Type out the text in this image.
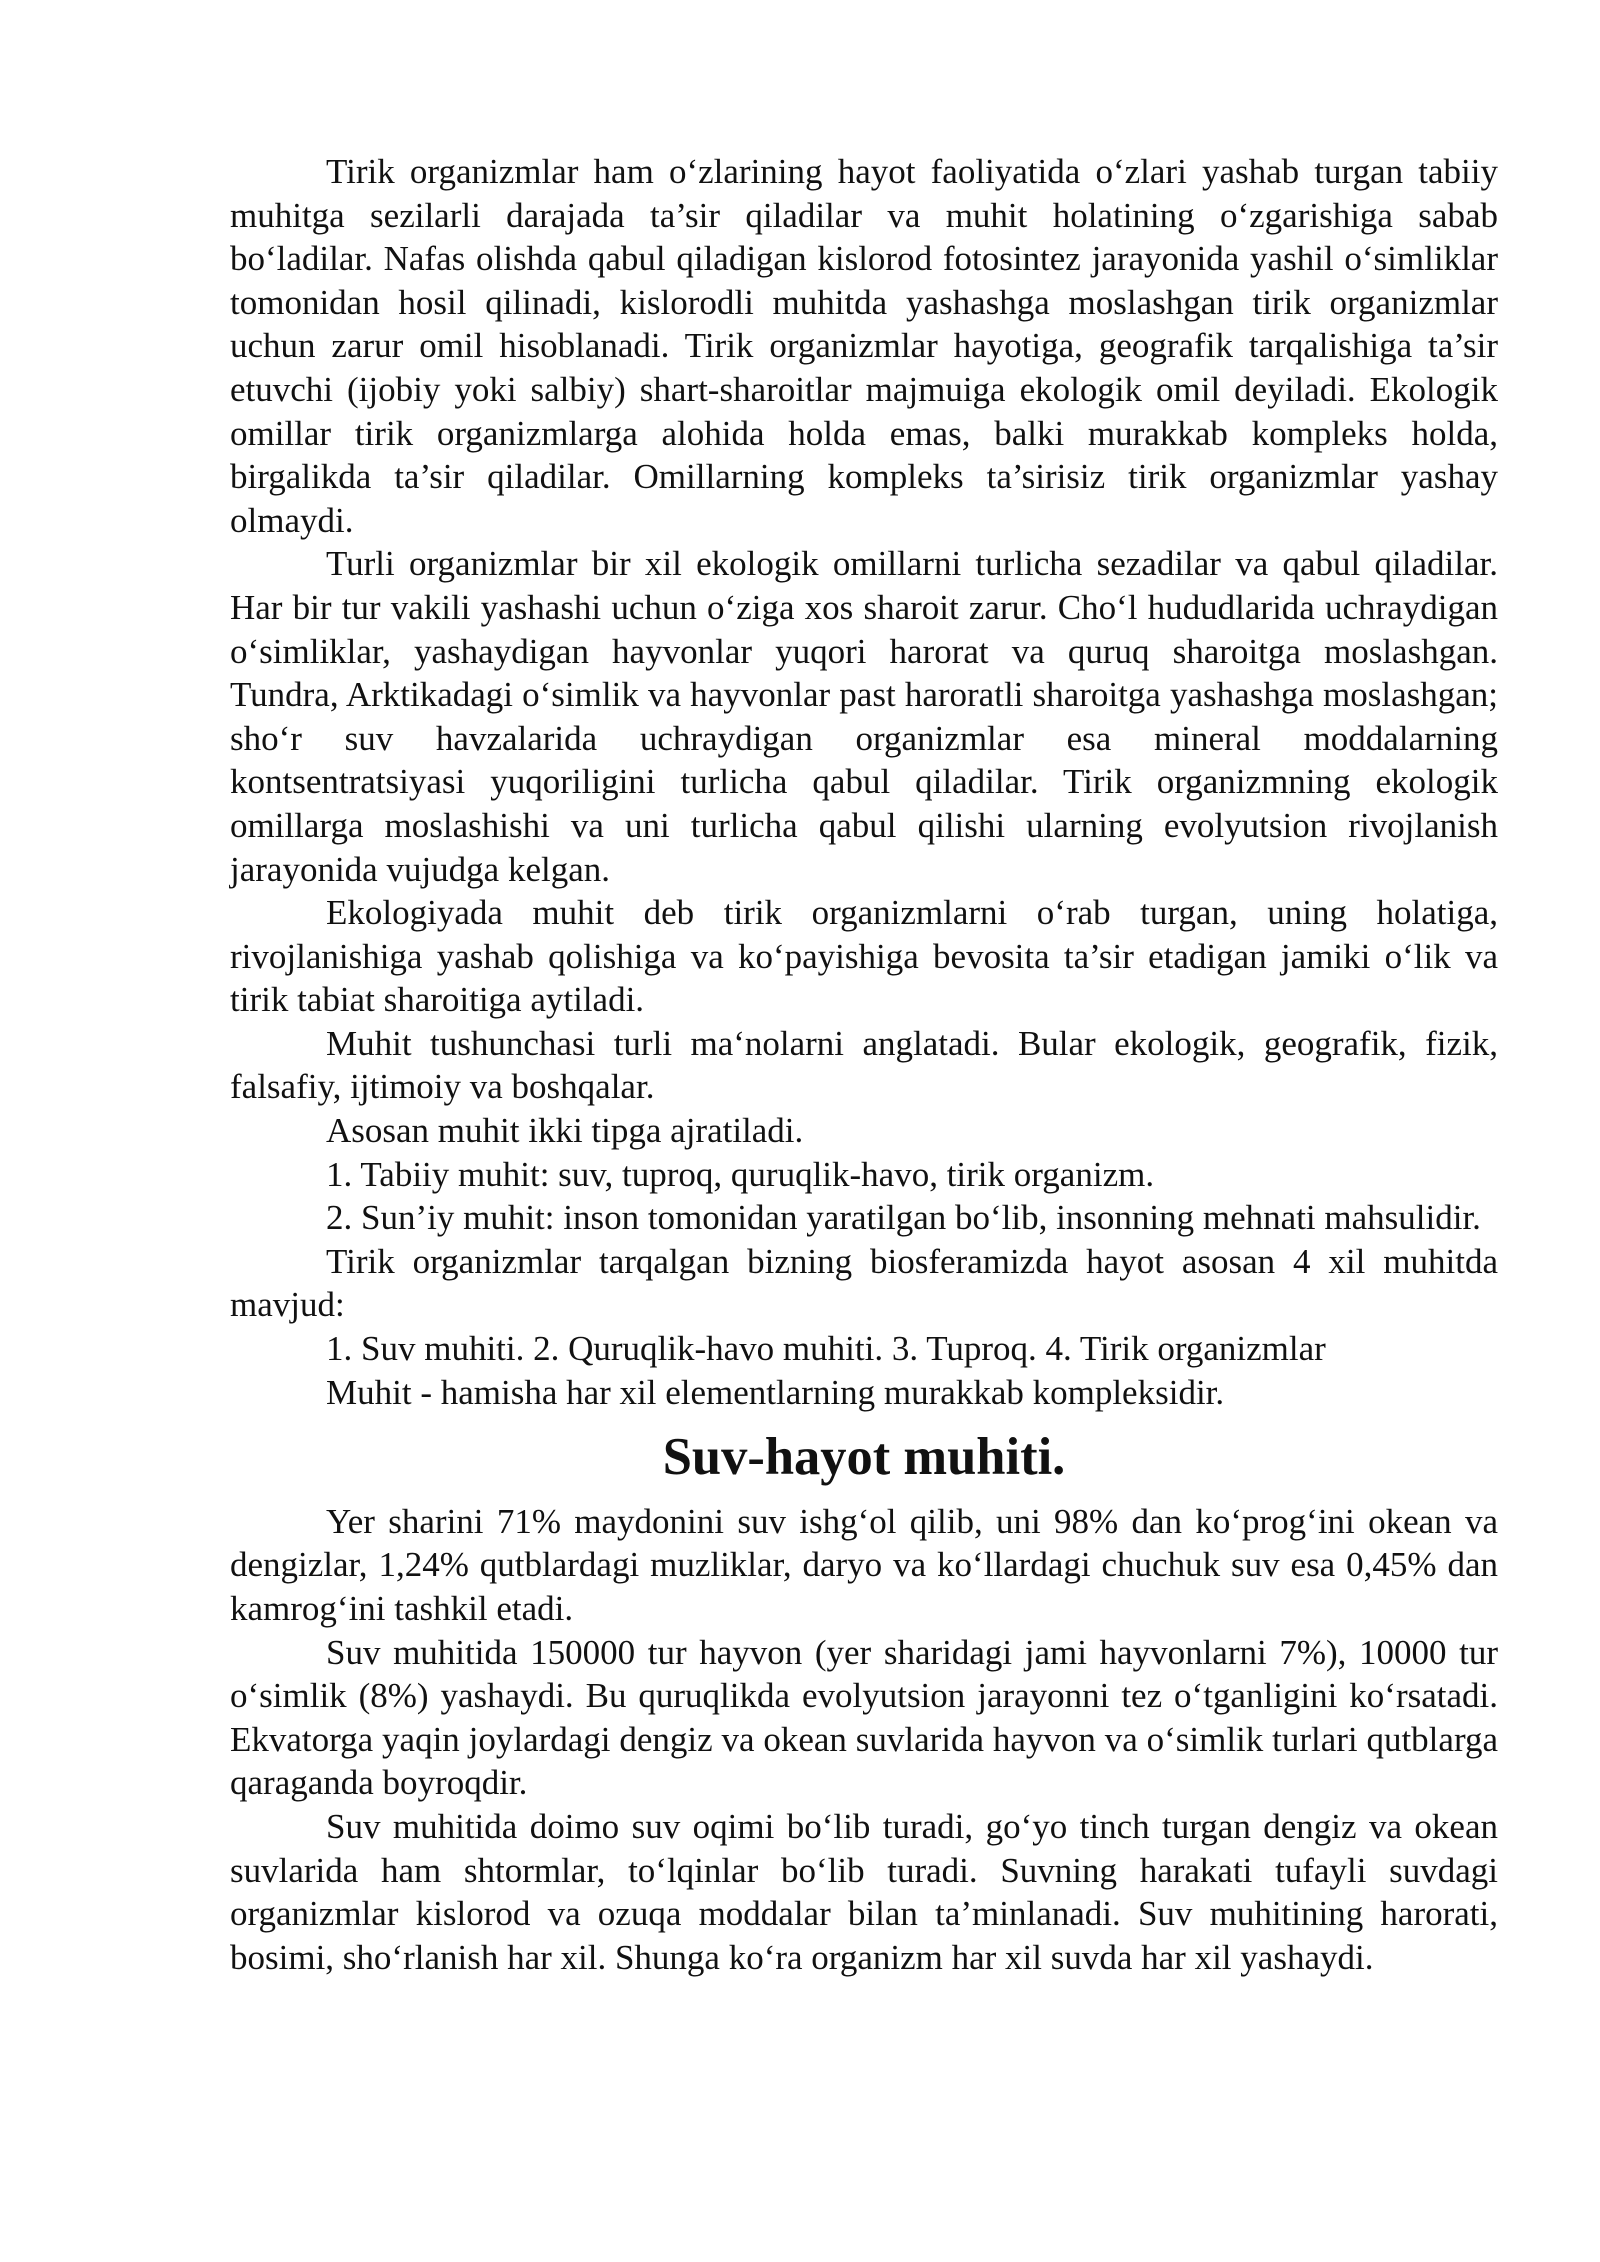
Tirik organizmlar ham o‘zlarining hayot faoliyatida o‘zlari yashab turgan tabiiy muhitga sezilarli darajada ta’sir qiladilar va muhit holatining o‘zgarishiga sabab bo‘ladilar. Nafas olishda qabul qiladigan kislorod fotosintez jarayonida yashil o‘simliklar tomonidan hosil qilinadi, kislorodli muhitda yashashga moslashgan tirik organizmlar uchun zarur omil hisoblanadi. Tirik organizmlar hayotiga, geografik tarqalishiga ta’sir etuvchi (ijobiy yoki salbiy) shart-sharoitlar majmuiga ekologik omil deyiladi. Ekologik omillar tirik organizmlarga alohida holda emas, balki murakkab kompleks holda, birgalikda ta’sir qiladilar. Omillarning kompleks ta’sirisiz tirik organizmlar yashay olmaydi.

Turli organizmlar bir xil ekologik omillarni turlicha sezadilar va qabul qiladilar. Har bir tur vakili yashashi uchun o‘ziga xos sharoit zarur. Cho‘l hududlarida uchraydigan o‘simliklar, yashaydigan hayvonlar yuqori harorat va quruq sharoitga moslashgan. Tundra, Arktikadagi o‘simlik va hayvonlar past haroratli sharoitga yashashga moslashgan; sho‘r suv havzalarida uchraydigan organizmlar esa mineral moddalarning kontsentratsiyasi yuqoriligini turlicha qabul qiladilar. Tirik organizmning ekologik omillarga moslashishi va uni turlicha qabul qilishi ularning evolyutsion rivojlanish jarayonida vujudga kelgan.

Ekologiyada muhit deb tirik organizmlarni o‘rab turgan, uning holatiga, rivojlanishiga yashab qolishiga va ko‘payishiga bevosita ta’sir etadigan jamiki o‘lik va tirik tabiat sharoitiga aytiladi.

Muhit tushunchasi turli ma‘nolarni anglatadi. Bular ekologik, geografik, fizik, falsafiy, ijtimoiy va boshqalar.

Asosan muhit ikki tipga ajratiladi.

1. Tabiiy muhit: suv, tuproq, quruqlik-havo, tirik organizm.

2. Sun’iy muhit: inson tomonidan yaratilgan bo‘lib, insonning mehnati mahsulidir.

Tirik organizmlar tarqalgan bizning biosferamizda hayot asosan 4 xil muhitda mavjud:

1. Suv muhiti. 2. Quruqlik-havo muhiti. 3. Tuproq. 4. Tirik organizmlar

Muhit - hamisha har xil elementlarning murakkab kompleksidir.

Suv-hayot muhiti.

Yer sharini 71% maydonini suv ishg‘ol qilib, uni 98% dan ko‘prog‘ini okean va dengizlar, 1,24% qutblardagi muzliklar, daryo va ko‘llardagi chuchuk suv esa 0,45% dan kamrog‘ini tashkil etadi.

Suv muhitida 150000 tur hayvon (yer sharidagi jami hayvonlarni 7%), 10000 tur o‘simlik (8%) yashaydi. Bu quruqlikda evolyutsion jarayonni tez o‘tganligini ko‘rsatadi. Ekvatorga yaqin joylardagi dengiz va okean suvlarida hayvon va o‘simlik turlari qutblarga qaraganda boyroqdir.

Suv muhitida doimo suv oqimi bo‘lib turadi, go‘yo tinch turgan dengiz va okean suvlarida ham shtormlar, to‘lqinlar bo‘lib turadi. Suvning harakati tufayli suvdagi organizmlar kislorod va ozuqa moddalar bilan ta’minlanadi. Suv muhitining harorati, bosimi, sho‘rlanish har xil. Shunga ko‘ra organizm har xil suvda har xil yashaydi.
